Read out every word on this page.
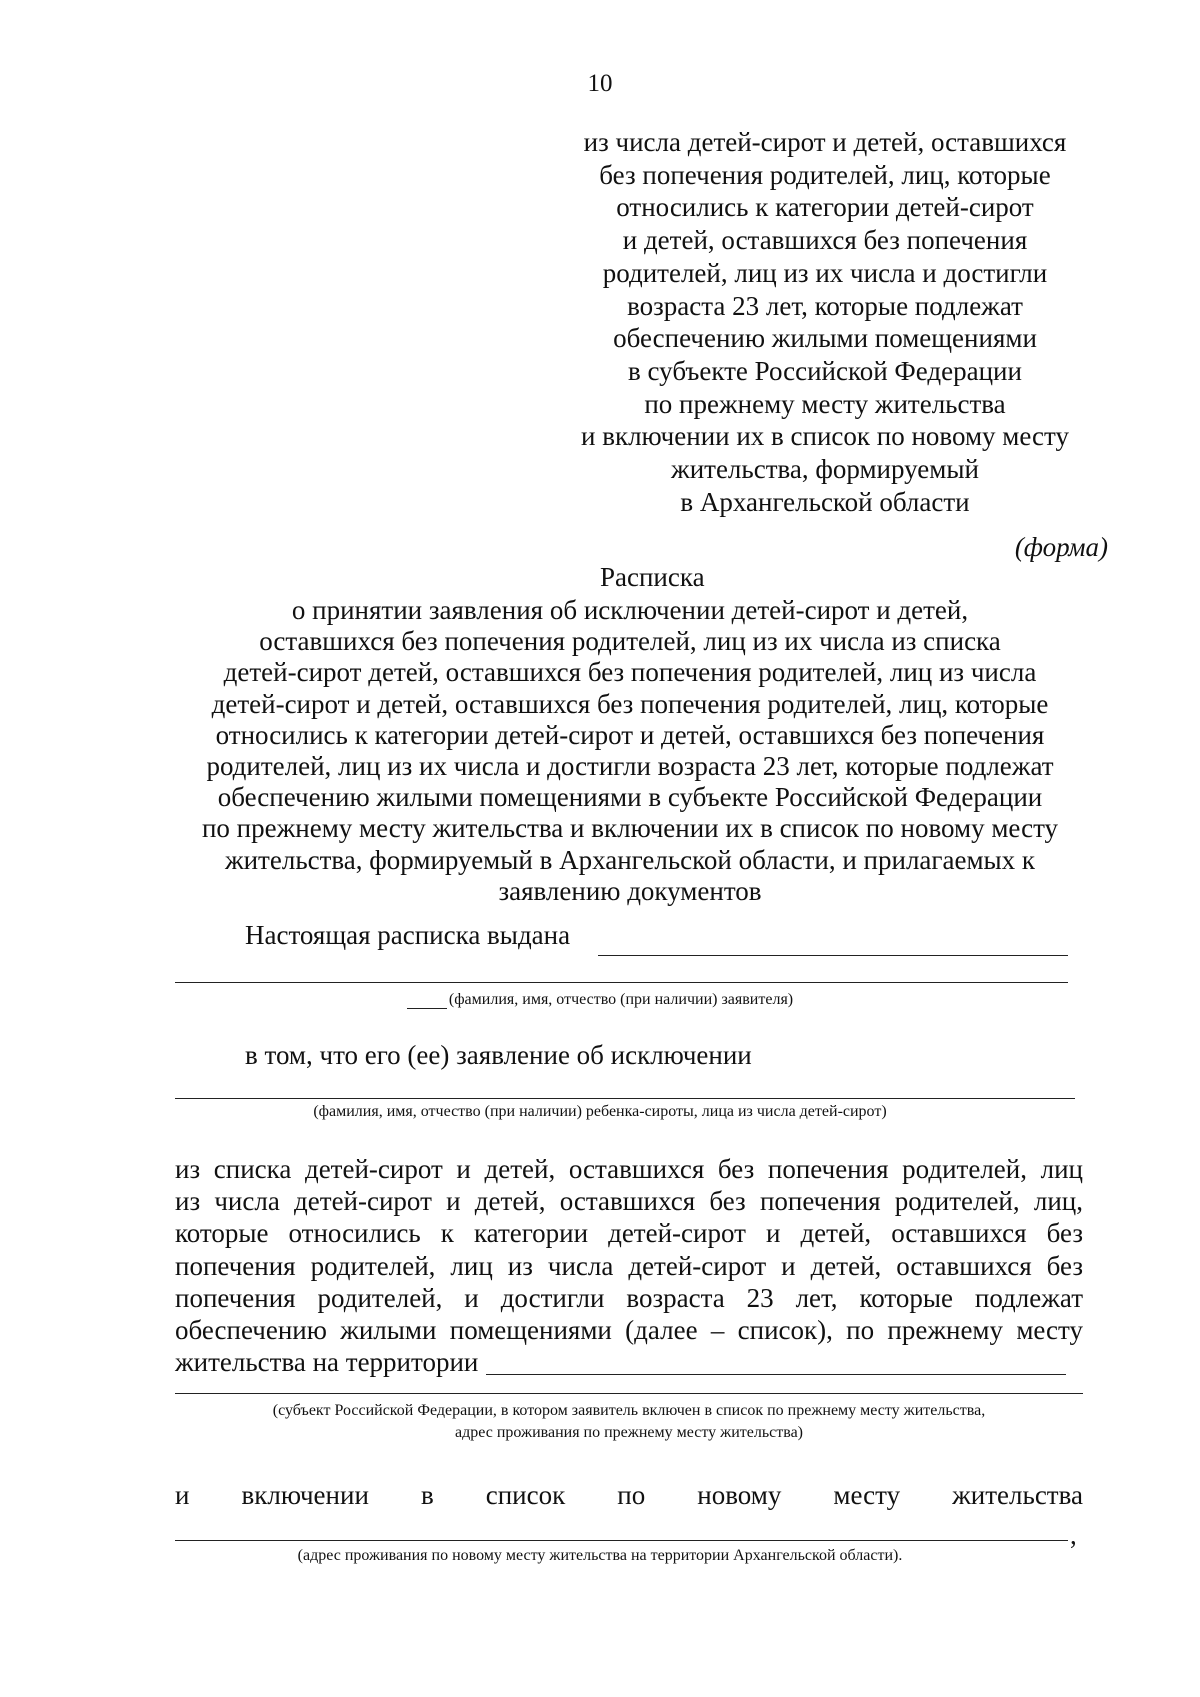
10
из числа детей-сирот и детей, оставшихся
без попечения родителей, лиц, которые
относились к категории детей-сирот
и детей, оставшихся без попечения
родителей, лиц из их числа и достигли
возраста 23 лет, которые подлежат
обеспечению жилыми помещениями
в субъекте Российской Федерации
по прежнему месту жительства
и включении их в список по новому месту
жительства, формируемый
в Архангельской области
(форма)
Расписка
о принятии заявления об исключении детей-сирот и детей,
оставшихся без попечения родителей, лиц из их числа из списка
детей-сирот детей, оставшихся без попечения родителей, лиц из числа
детей-сирот и детей, оставшихся без попечения родителей, лиц, которые
относились к категории детей-сирот и детей, оставшихся без попечения
родителей, лиц из их числа и достигли возраста 23 лет, которые подлежат
обеспечению жилыми помещениями в субъекте Российской Федерации
по прежнему месту жительства и включении их в список по новому месту
жительства, формируемый в Архангельской области, и прилагаемых к
заявлению документов
Настоящая расписка выдана
(фамилия, имя, отчество (при наличии) заявителя)
в том, что его (ее) заявление об исключении
(фамилия, имя, отчество (при наличии) ребенка-сироты, лица из числа детей-сирот)
из списка детей-сирот и детей, оставшихся без попечения родителей, лиц
из числа детей-сирот и детей, оставшихся без попечения родителей, лиц,
которые относились к категории детей-сирот и детей, оставшихся без
попечения родителей, лиц из числа детей-сирот и детей, оставшихся без
попечения родителей, и достигли возраста 23 лет, которые подлежат
обеспечению жилыми помещениями (далее – список), по прежнему месту
жительства на территории
(субъект Российской Федерации, в котором заявитель включен в список по прежнему месту жительства,
адрес проживания по прежнему месту жительства)
и включении в список по новому месту жительства
,
(адрес проживания по новому месту жительства на территории Архангельской области).
